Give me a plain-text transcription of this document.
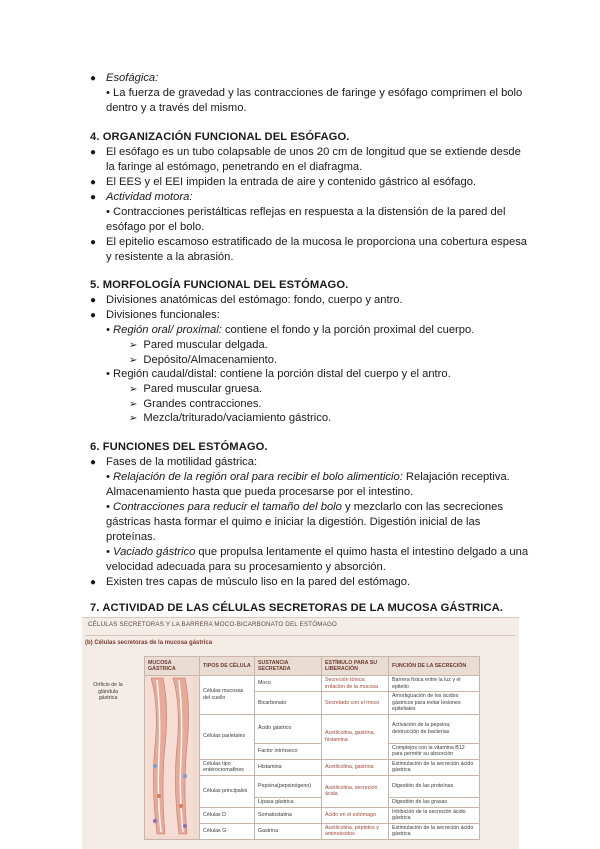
● Esofágica:
• La fuerza de gravedad y las contracciones de faringe y esófago comprimen el bolo
dentro y a través del mismo.
4. ORGANIZACIÓN FUNCIONAL DEL ESÓFAGO.
● El esófago es un tubo colapsable de unos 20 cm de longitud que se extiende desde
la faringe al estómago, penetrando en el diafragma.
● El EES y el EEI impiden la entrada de aire y contenido gástrico al esófago.
● Actividad motora:
• Contracciones peristálticas reflejas en respuesta a la distensión de la pared del
esófago por el bolo.
● El epitelio escamoso estratificado de la mucosa le proporciona una cobertura espesa
y resistente a la abrasión.
5. MORFOLOGÍA FUNCIONAL DEL ESTÓMAGO.
● Divisiones anatómicas del estómago: fondo, cuerpo y antro.
● Divisiones funcionales:
• Región oral/ proximal: contiene el fondo y la porción proximal del cuerpo.
➢ Pared muscular delgada.
➢ Depósito/Almacenamiento.
• Región caudal/distal: contiene la porción distal del cuerpo y el antro.
➢ Pared muscular gruesa.
➢ Grandes contracciones.
➢ Mezcla/triturado/vaciamiento gástrico.
6. FUNCIONES DEL ESTÓMAGO.
● Fases de la motilidad gástrica:
• Relajación de la región oral para recibir el bolo alimenticio: Relajación receptiva.
Almacenamiento hasta que pueda procesarse por el intestino.
• Contracciones para reducir el tamaño del bolo y mezclarlo con las secreciones
gástricas hasta formar el quimo e iniciar la digestión. Digestión inicial de las
proteínas.
• Vaciado gástrico que propulsa lentamente el quimo hasta el intestino delgado a una
velocidad adecuada para su procesamiento y absorción.
● Existen tres capas de músculo liso en la pared del estómago.
7. ACTIVIDAD DE LAS CÉLULAS SECRETORAS DE LA MUCOSA GÁSTRICA.
CÉLULAS SECRETORAS Y LA BARRERA MOCO-BICARBONATO DEL ESTÓMAGO
(b) Células secretoras de la mucosa gástrica
Orificio de la glándula gástrica
MUCOSA GÁSTRICA	TIPOS DE CÉLULA	SUSTANCIA SECRETADA	ESTÍMULO PARA SU LIBERACIÓN	FUNCIÓN DE LA SECRECIÓN
	Células mucosas del cuello	Moco	Secreción tónica; irritación de la mucosa	Barrera física entre la luz y el epitelio
		Bicarbonato	Secretado con el moco	Amortiguación de los ácidos gástricos para evitar lesiones epiteliales
	Células parietales	Ácido gástrico	Acetilcolina, gastrina, histamina	Activación de la pepsina; destrucción de bacterias
		Factor intrínseco		Complejos con la vitamina B12 para permitir su absorción
	Células tipo enterocromafines	Histamina	Acetilcolina, gastrina	Estimulación de la secreción ácido gástrica
	Células principales	Pepsina(pepsinógeno)	Acetilcolina, secreción ácida	Digestión de las proteínas
		Lipasa gástrica		Digestión de las grasas
	Células D	Somatostatina	Ácido en el estómago	Inhibición de la secreción ácido gástrica
	Células G	Gastrina	Acetilcolina, péptidos y aminoácidos	Estimulación de la secreción ácido gástrica
